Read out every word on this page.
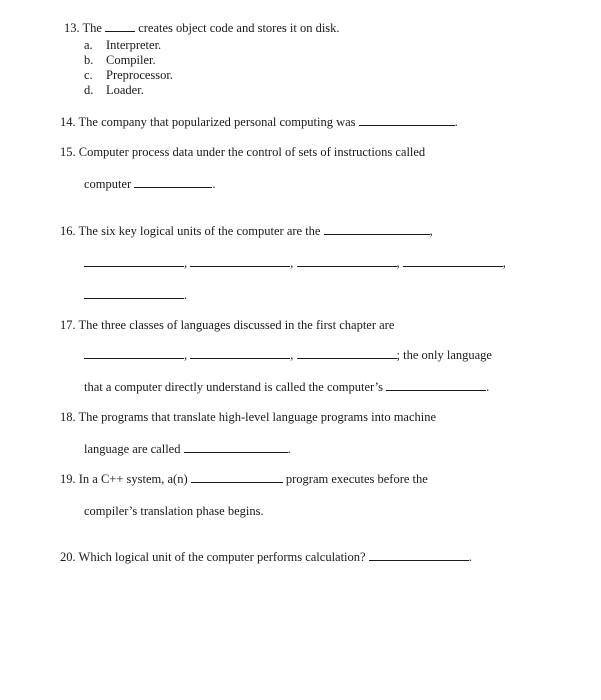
13. The	creates object code and stores it on disk.
a. Interpreter.
b. Compiler.
c. Preprocessor.
d. Loader.
14. The company that popularized personal computing was	.
15. Computer process data under the control of sets of instructions called
computer	.
16. The six key logical units of the computer are the	,
,	,	,	,
.
17. The three classes of languages discussed in the first chapter are
,	,	; the only language
that a computer directly understand is called the computer’s	.
18. The programs that translate high-level language programs into machine
language are called	.
19. In a C++ system, a(n)	program executes before the
compiler’s translation phase begins.
20. Which logical unit of the computer performs calculation?	.
